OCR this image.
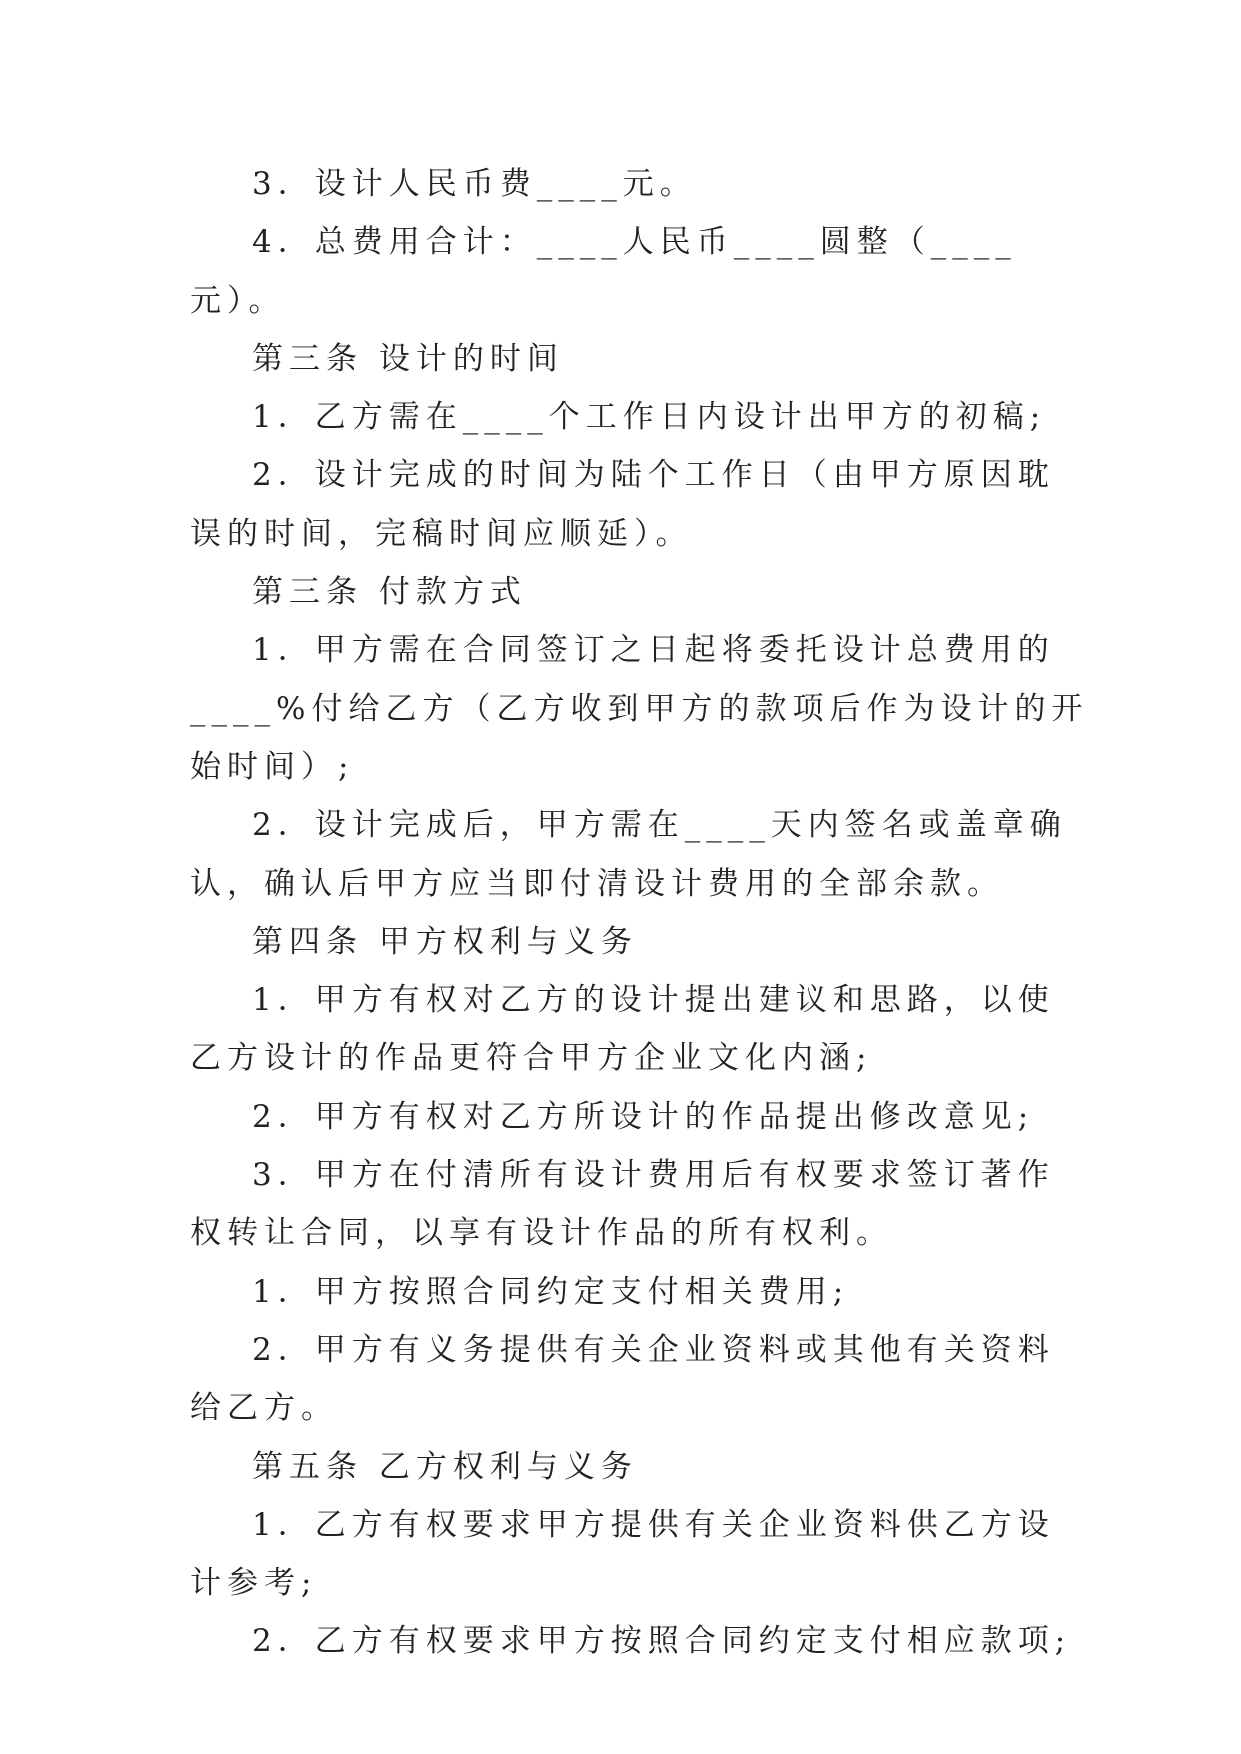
3．设计人民币费____元。

4．总费用合计：____人民币____圆整（____元）。

第三条 设计的时间

1．乙方需在____个工作日内设计出甲方的初稿;

2．设计完成的时间为陆个工作日（由甲方原因耽误的时间，完稿时间应顺延）。

第三条 付款方式

1．甲方需在合同签订之日起将委托设计总费用的____%付给乙方（乙方收到甲方的款项后作为设计的开始时间）;

2．设计完成后，甲方需在____天内签名或盖章确认，确认后甲方应当即付清设计费用的全部余款。

第四条 甲方权利与义务

1．甲方有权对乙方的设计提出建议和思路，以使乙方设计的作品更符合甲方企业文化内涵;

2．甲方有权对乙方所设计的作品提出修改意见;

3．甲方在付清所有设计费用后有权要求签订著作权转让合同，以享有设计作品的所有权利。

1．甲方按照合同约定支付相关费用;

2．甲方有义务提供有关企业资料或其他有关资料给乙方。

第五条 乙方权利与义务

1．乙方有权要求甲方提供有关企业资料供乙方设计参考;

2．乙方有权要求甲方按照合同约定支付相应款项;
